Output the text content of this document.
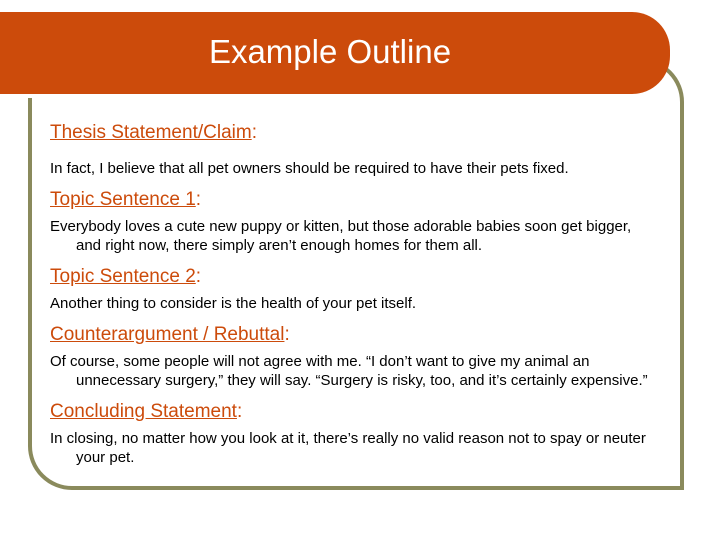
Example Outline

Thesis Statement/Claim:

In fact, I believe that all pet owners should be required to have their pets fixed.

Topic Sentence 1:

Everybody loves a cute new puppy or kitten, but those adorable babies soon get bigger, and right now, there simply aren’t enough homes for them all.

Topic Sentence 2:

Another thing to consider is the health of your pet itself.

Counterargument / Rebuttal:

Of course, some people will not agree with me. “I don’t want to give my animal an unnecessary surgery,” they will say. “Surgery is risky, too, and it’s certainly expensive.”

Concluding Statement:

In closing, no matter how you look at it, there’s really no valid reason not to spay or neuter your pet.
